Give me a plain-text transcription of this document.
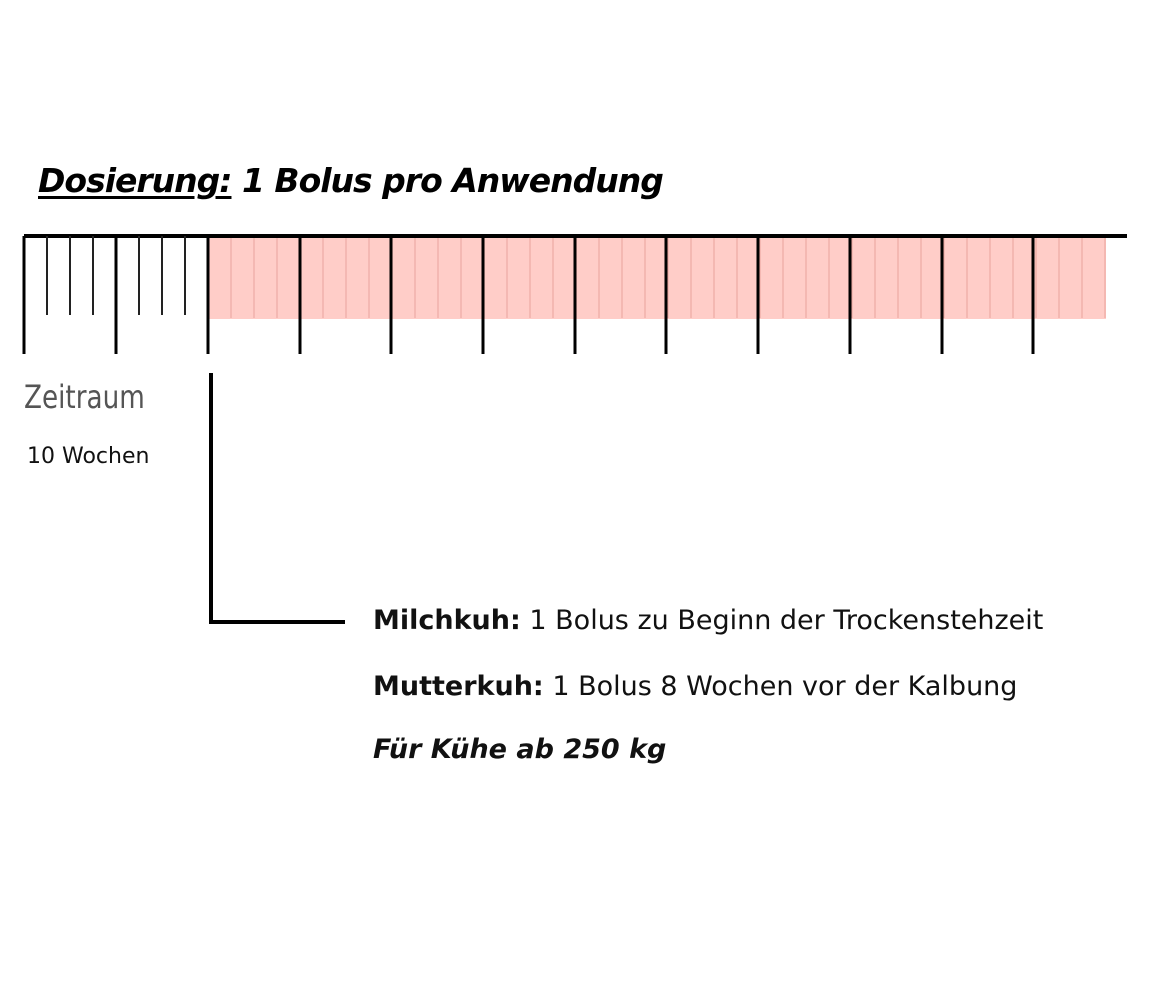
Dosierung: 1 Bolus pro Anwendung
Zeitraum
10 Wochen
Milchkuh: 1 Bolus zu Beginn der Trockenstehzeit
Mutterkuh: 1 Bolus 8 Wochen vor der Kalbung
Für Kühe ab 250 kg
